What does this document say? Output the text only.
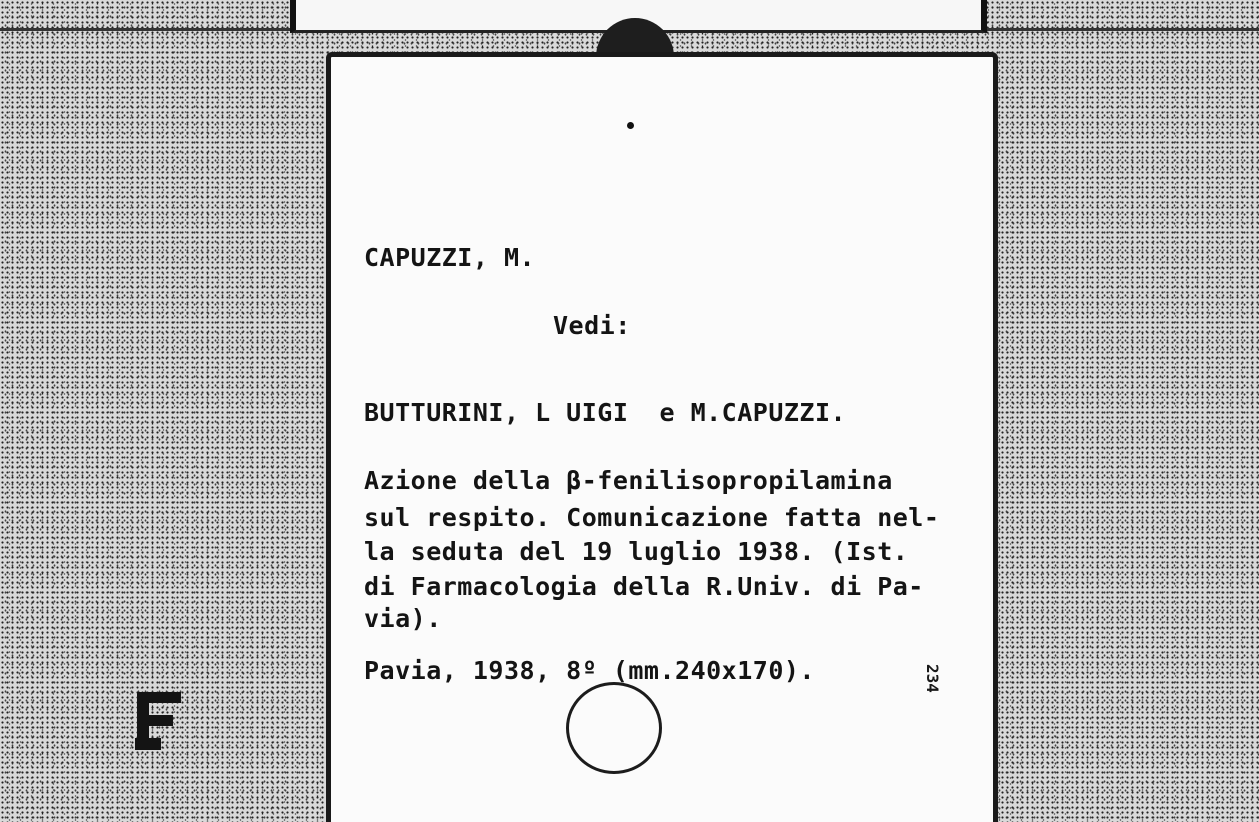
CAPUZZI, M.
Vedi:
BUTTURINI, L UIGI  e M.CAPUZZI.
Azione della β-fenilisopropilamina
sul respito. Comunicazione fatta nel-
la seduta del 19 luglio 1938. (Ist.
di Farmacologia della R.Univ. di Pa-
via).
Pavia, 1938, 8º (mm.240x170).	234
